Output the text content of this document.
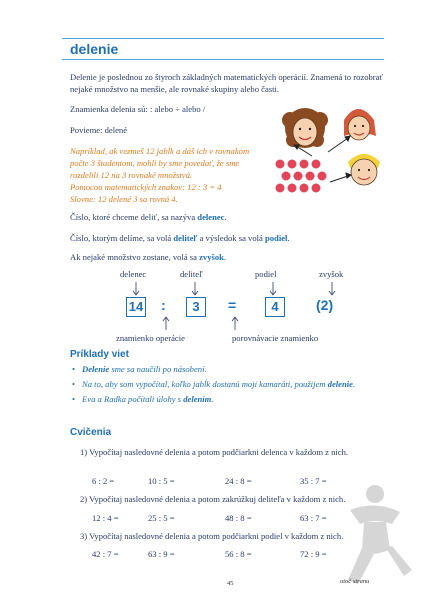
delenie
Delenie je poslednou zo štyroch základných matematických operácií. Znamená to rozobrať nejaké množstvo na menšie, ale rovnaké skupiny alebo časti.
Znamienka delenia sú: : alebo ÷ alebo /
Povieme: delené
Napríklad, ak vezmeš 12 jabĺk a dáš ich v rovnakom
počte 3 študentom, mohli by sme povedať, že sme
rozdelili 12 na 3 rovnaké množstvá.
Pomocou matematických znakov: 12 : 3 = 4
Slovne: 12 delené 3 sa rovná 4.
Číslo, ktoré chceme deliť, sa nazýva delenec.
Číslo, ktorým delíme, sa volá deliteľ a výsledok sa volá podiel.
Ak nejaké množstvo zostane, volá sa zvyšok.
delenec	deliteľ	podiel	zvyšok
14 :	3	=	4	(2)
znamienko operácie	porovnávacie znamienko
Príklady viet
• Delenie sme sa naučili po násobení.
• Na to, aby som vypočítal, koľko jabĺk dostanú moji kamaráti, použijem delenie.
• Eva a Radka počítali úlohy s delením.
Cvičenia
1) Vypočítaj nasledovné delenia a potom podčiarkni delenca v každom z nich.
6 : 2 =	10 : 5 =	24 : 8 =	35 : 7 =
2) Vypočítaj nasledovné delenia a potom zakrúžkuj deliteľa v každom z nich.
12 : 4 =	25 : 5 =	48 : 8 =	63 : 7 =
3) Vypočítaj nasledovné delenia a potom podčiarkni podiel v každom z nich.
42 : 7 =	63 : 9 =	56 : 8 =	72 : 9 =
45	otoč stranu
